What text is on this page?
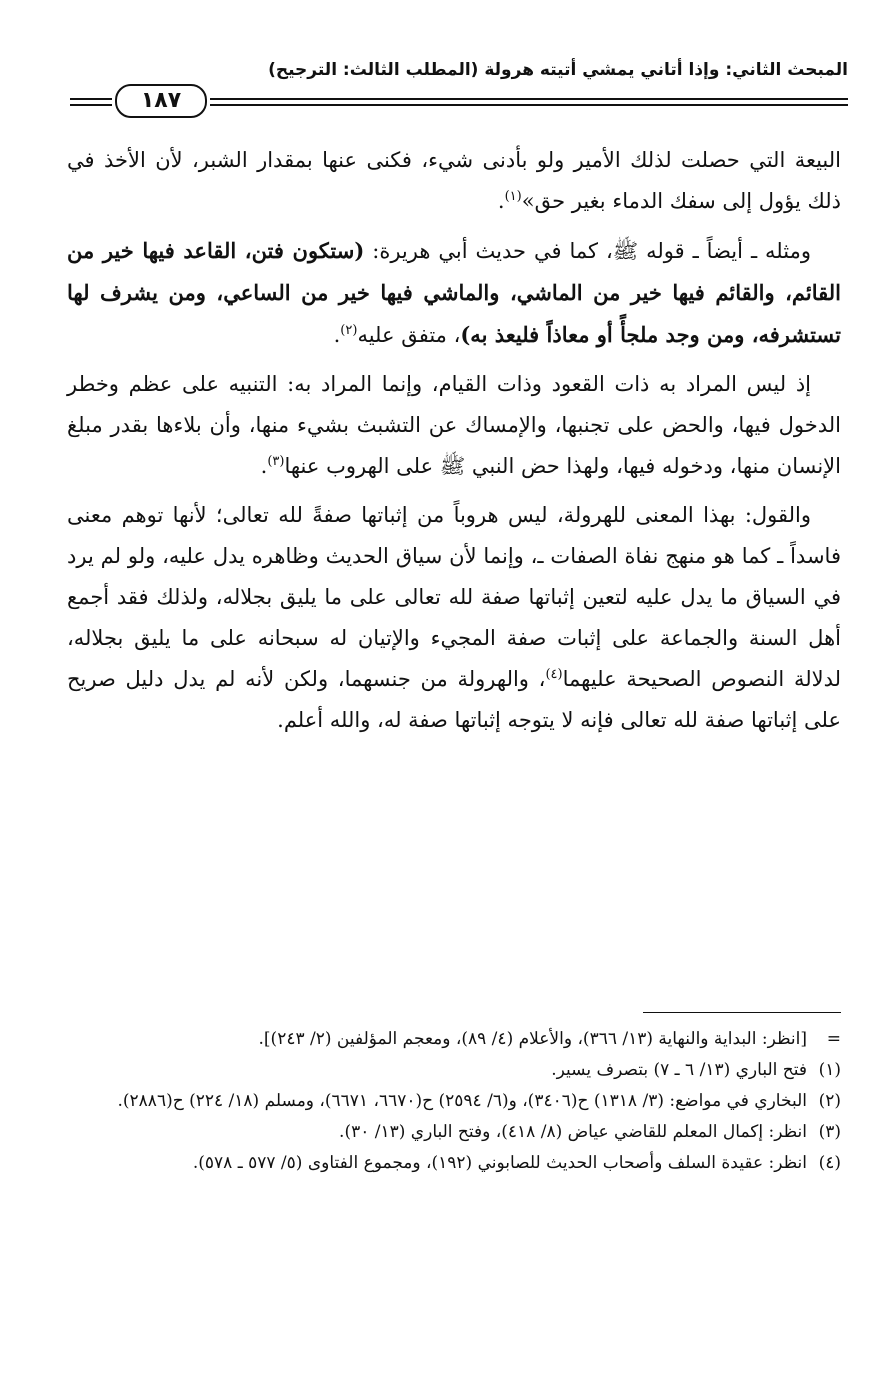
المبحث الثاني: وإذا أتاني يمشي أتيته هرولة (المطلب الثالث: الترجيح)
١٨٧

البيعة التي حصلت لذلك الأمير ولو بأدنى شيء، فكنى عنها بمقدار الشبر، لأن الأخذ في ذلك يؤول إلى سفك الدماء بغير حق»$^{(١)}$.

ومثله ـ أيضاً ـ قوله ﷺ، كما في حديث أبي هريرة: (ستكون فتن، القاعد فيها خير من القائم، والقائم فيها خير من الماشي، والماشي فيها خير من الساعي، ومن يشرف لها تستشرفه، ومن وجد ملجأً أو معاذاً فليعذ به)، متفق عليه$^{(٢)}$.

إذ ليس المراد به ذات القعود وذات القيام، وإنما المراد به: التنبيه على عظم وخطر الدخول فيها، والحض على تجنبها، والإمساك عن التشبث بشيء منها، وأن بلاءها بقدر مبلغ الإنسان منها، ودخوله فيها، ولهذا حض النبي ﷺ على الهروب عنها$^{(٣)}$.

والقول: بهذا المعنى للهرولة، ليس هروباً من إثباتها صفةً لله تعالى؛ لأنها توهم معنى فاسداً ـ كما هو منهج نفاة الصفات ـ، وإنما لأن سياق الحديث وظاهره يدل عليه، ولو لم يرد في السياق ما يدل عليه لتعين إثباتها صفة لله تعالى على ما يليق بجلاله، ولذلك فقد أجمع أهل السنة والجماعة على إثبات صفة المجيء والإتيان له سبحانه على ما يليق بجلاله، لدلالة النصوص الصحيحة عليهما$^{(٤)}$، والهرولة من جنسهما، ولكن لأنه لم يدل دليل صريح على إثباتها صفة لله تعالى فإنه لا يتوجه إثباتها صفة له، والله أعلم.

=
[انظر: البداية والنهاية (١٣/ ٣٦٦)، والأعلام (٤/ ٨٩)، ومعجم المؤلفين (٢/ ٢٤٣)].
(١)
فتح الباري (١٣/ ٦ ـ ٧) بتصرف يسير.
(٢)
البخاري في مواضع: (٣/ ١٣١٨) ح(٣٤٠٦)، و(٦/ ٢٥٩٤) ح(٦٦٧٠، ٦٦٧١)، ومسلم (١٨/ ٢٢٤) ح(٢٨٨٦).
(٣)
انظر: إكمال المعلم للقاضي عياض (٨/ ٤١٨)، وفتح الباري (١٣/ ٣٠).
(٤)
انظر: عقيدة السلف وأصحاب الحديث للصابوني (١٩٢)، ومجموع الفتاوى (٥/ ٥٧٧ ـ ٥٧٨).
